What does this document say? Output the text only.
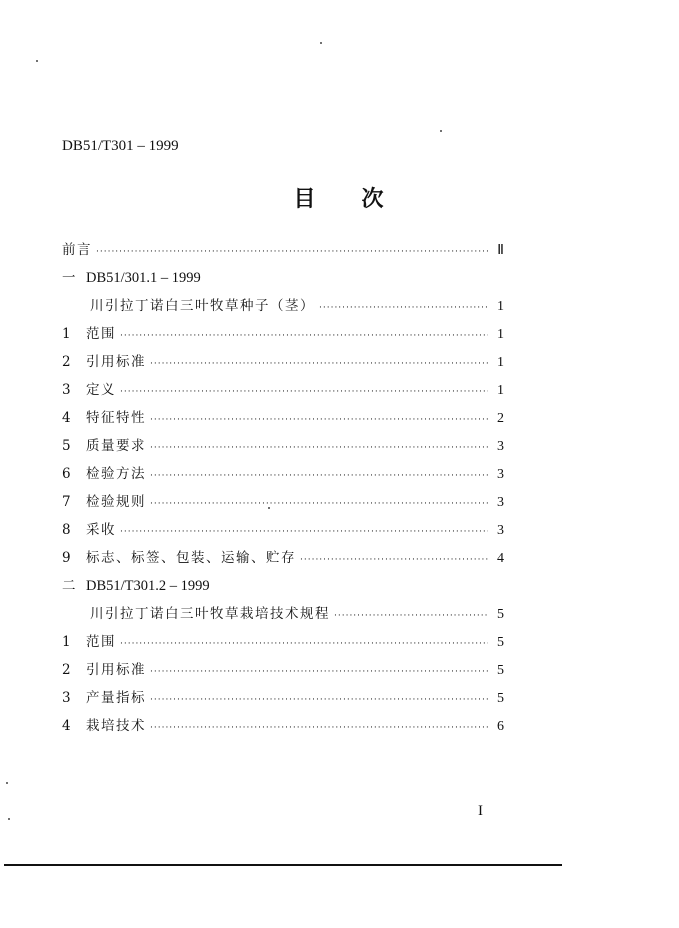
DB51/T301 – 1999
目 次
前言 ·····	Ⅱ
一 DB51/301.1 – 1999
川引拉丁诺白三叶牧草种子（茎） ·····	1
1	范围 ·····	1
2	引用标准 ·····	1
3	定义 ·····	1
4	特征特性 ·····	2
5	质量要求 ·····	3
6	检验方法 ·····	3
7	检验规则 ·····	3
8	采收 ·····	3
9	标志、标签、包装、运输、贮存 ·····	4
二 DB51/T301.2 – 1999
川引拉丁诺白三叶牧草栽培技术规程 ·····	5
1	范围 ·····	5
2	引用标准 ·····	5
3	产量指标 ·····	5
4	栽培技术 ·····	6
I
